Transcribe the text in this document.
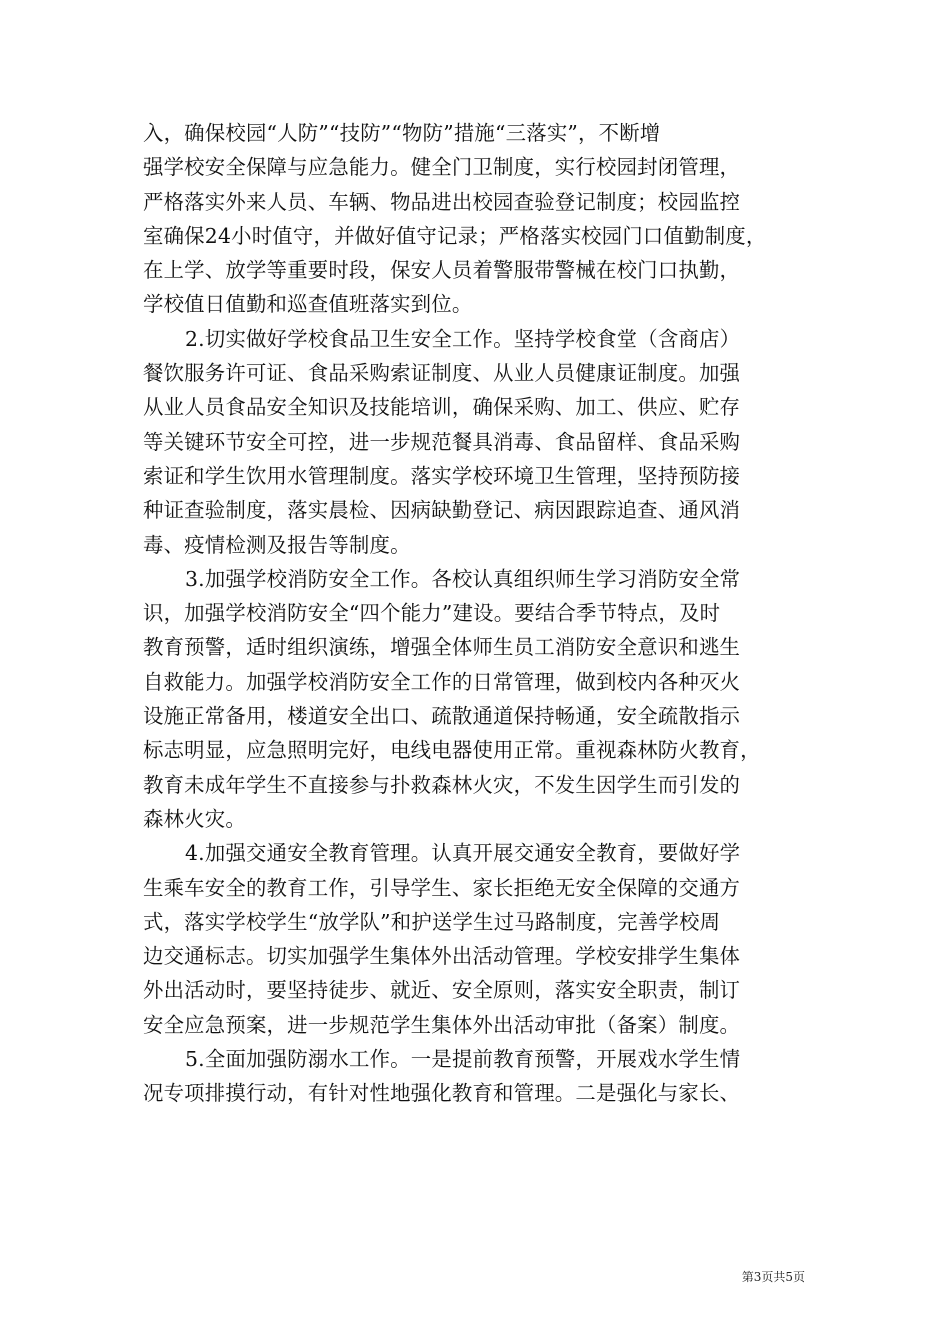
入，确保校园“人防”“技防”“物防”措施“三落实”，不断增
强学校安全保障与应急能力。健全门卫制度，实行校园封闭管理，
严格落实外来人员、车辆、物品进出校园查验登记制度；校园监控
室确保24小时值守，并做好值守记录；严格落实校园门口值勤制度，
在上学、放学等重要时段，保安人员着警服带警械在校门口执勤，
学校值日值勤和巡查值班落实到位。
2.切实做好学校食品卫生安全工作。坚持学校食堂（含商店）
餐饮服务许可证、食品采购索证制度、从业人员健康证制度。加强
从业人员食品安全知识及技能培训，确保采购、加工、供应、贮存
等关键环节安全可控，进一步规范餐具消毒、食品留样、食品采购
索证和学生饮用水管理制度。落实学校环境卫生管理，坚持预防接
种证查验制度，落实晨检、因病缺勤登记、病因跟踪追查、通风消
毒、疫情检测及报告等制度。
3.加强学校消防安全工作。各校认真组织师生学习消防安全常
识，加强学校消防安全“四个能力”建设。要结合季节特点，及时
教育预警，适时组织演练，增强全体师生员工消防安全意识和逃生
自救能力。加强学校消防安全工作的日常管理，做到校内各种灭火
设施正常备用，楼道安全出口、疏散通道保持畅通，安全疏散指示
标志明显，应急照明完好，电线电器使用正常。重视森林防火教育，
教育未成年学生不直接参与扑救森林火灾，不发生因学生而引发的
森林火灾。
4.加强交通安全教育管理。认真开展交通安全教育，要做好学
生乘车安全的教育工作，引导学生、家长拒绝无安全保障的交通方
式，落实学校学生“放学队”和护送学生过马路制度，完善学校周
边交通标志。切实加强学生集体外出活动管理。学校安排学生集体
外出活动时，要坚持徒步、就近、安全原则，落实安全职责，制订
安全应急预案，进一步规范学生集体外出活动审批（备案）制度。
5.全面加强防溺水工作。一是提前教育预警，开展戏水学生情
况专项排摸行动，有针对性地强化教育和管理。二是强化与家长、
第3页共5页
